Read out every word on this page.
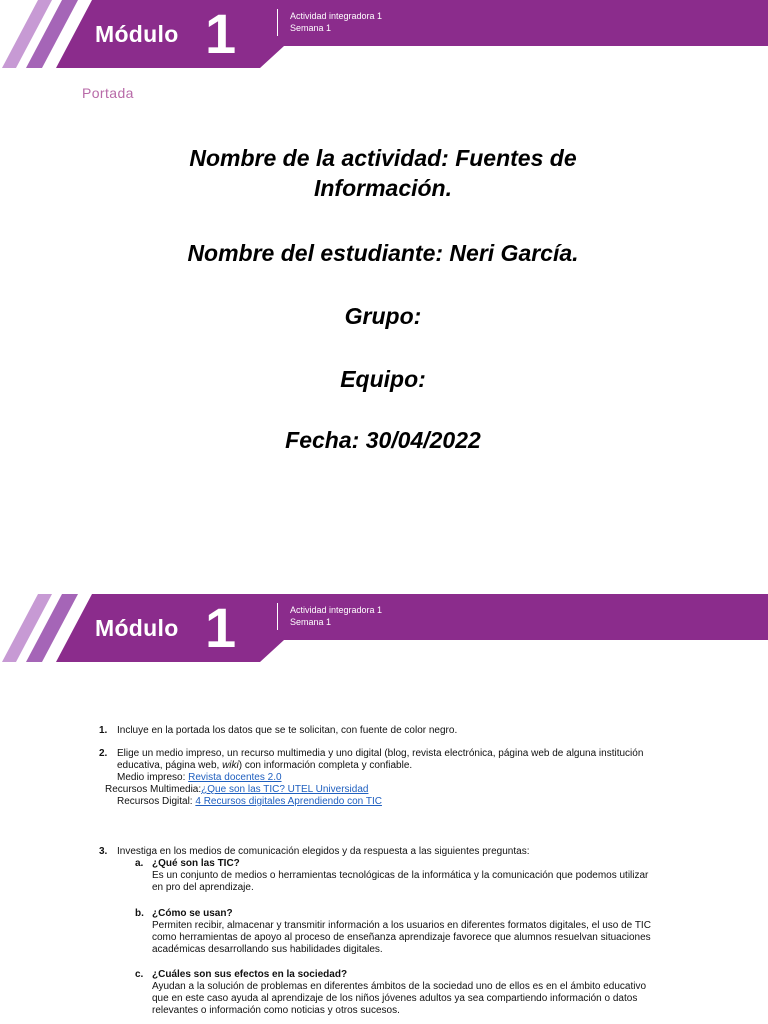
Módulo 1	Actividad integradora 1
Semana 1
Portada
Nombre de la actividad: Fuentes de
Información.
Nombre del estudiante: Neri García.
Grupo:
Equipo:
Fecha: 30/04/2022
Módulo 1	Actividad integradora 1
Semana 1
1. Incluye en la portada los datos que se te solicitan, con fuente de color negro.
2. Elige un medio impreso, un recurso multimedia y uno digital (blog, revista electrónica, página web de alguna institución
educativa, página web, wiki) con información completa y confiable.
Medio impreso: Revista docentes 2.0
Recursos Multimedia:¿Que son las TIC? UTEL Universidad
Recursos Digital: 4 Recursos digitales Aprendiendo con TIC
3. Investiga en los medios de comunicación elegidos y da respuesta a las siguientes preguntas:
a. ¿Qué son las TIC?
Es un conjunto de medios o herramientas tecnológicas de la informática y la comunicación que podemos utilizar
en pro del aprendizaje.
b. ¿Cómo se usan?
Permiten recibir, almacenar y transmitir información a los usuarios en diferentes formatos digitales, el uso de TIC
como herramientas de apoyo al proceso de enseñanza aprendizaje favorece que alumnos resuelvan situaciones
académicas desarrollando sus habilidades digitales.
c. ¿Cuáles son sus efectos en la sociedad?
Ayudan a la solución de problemas en diferentes ámbitos de la sociedad uno de ellos es en el ámbito educativo
que en este caso ayuda al aprendizaje de los niños jóvenes adultos ya sea compartiendo información o datos
relevantes o información como noticias y otros sucesos.
